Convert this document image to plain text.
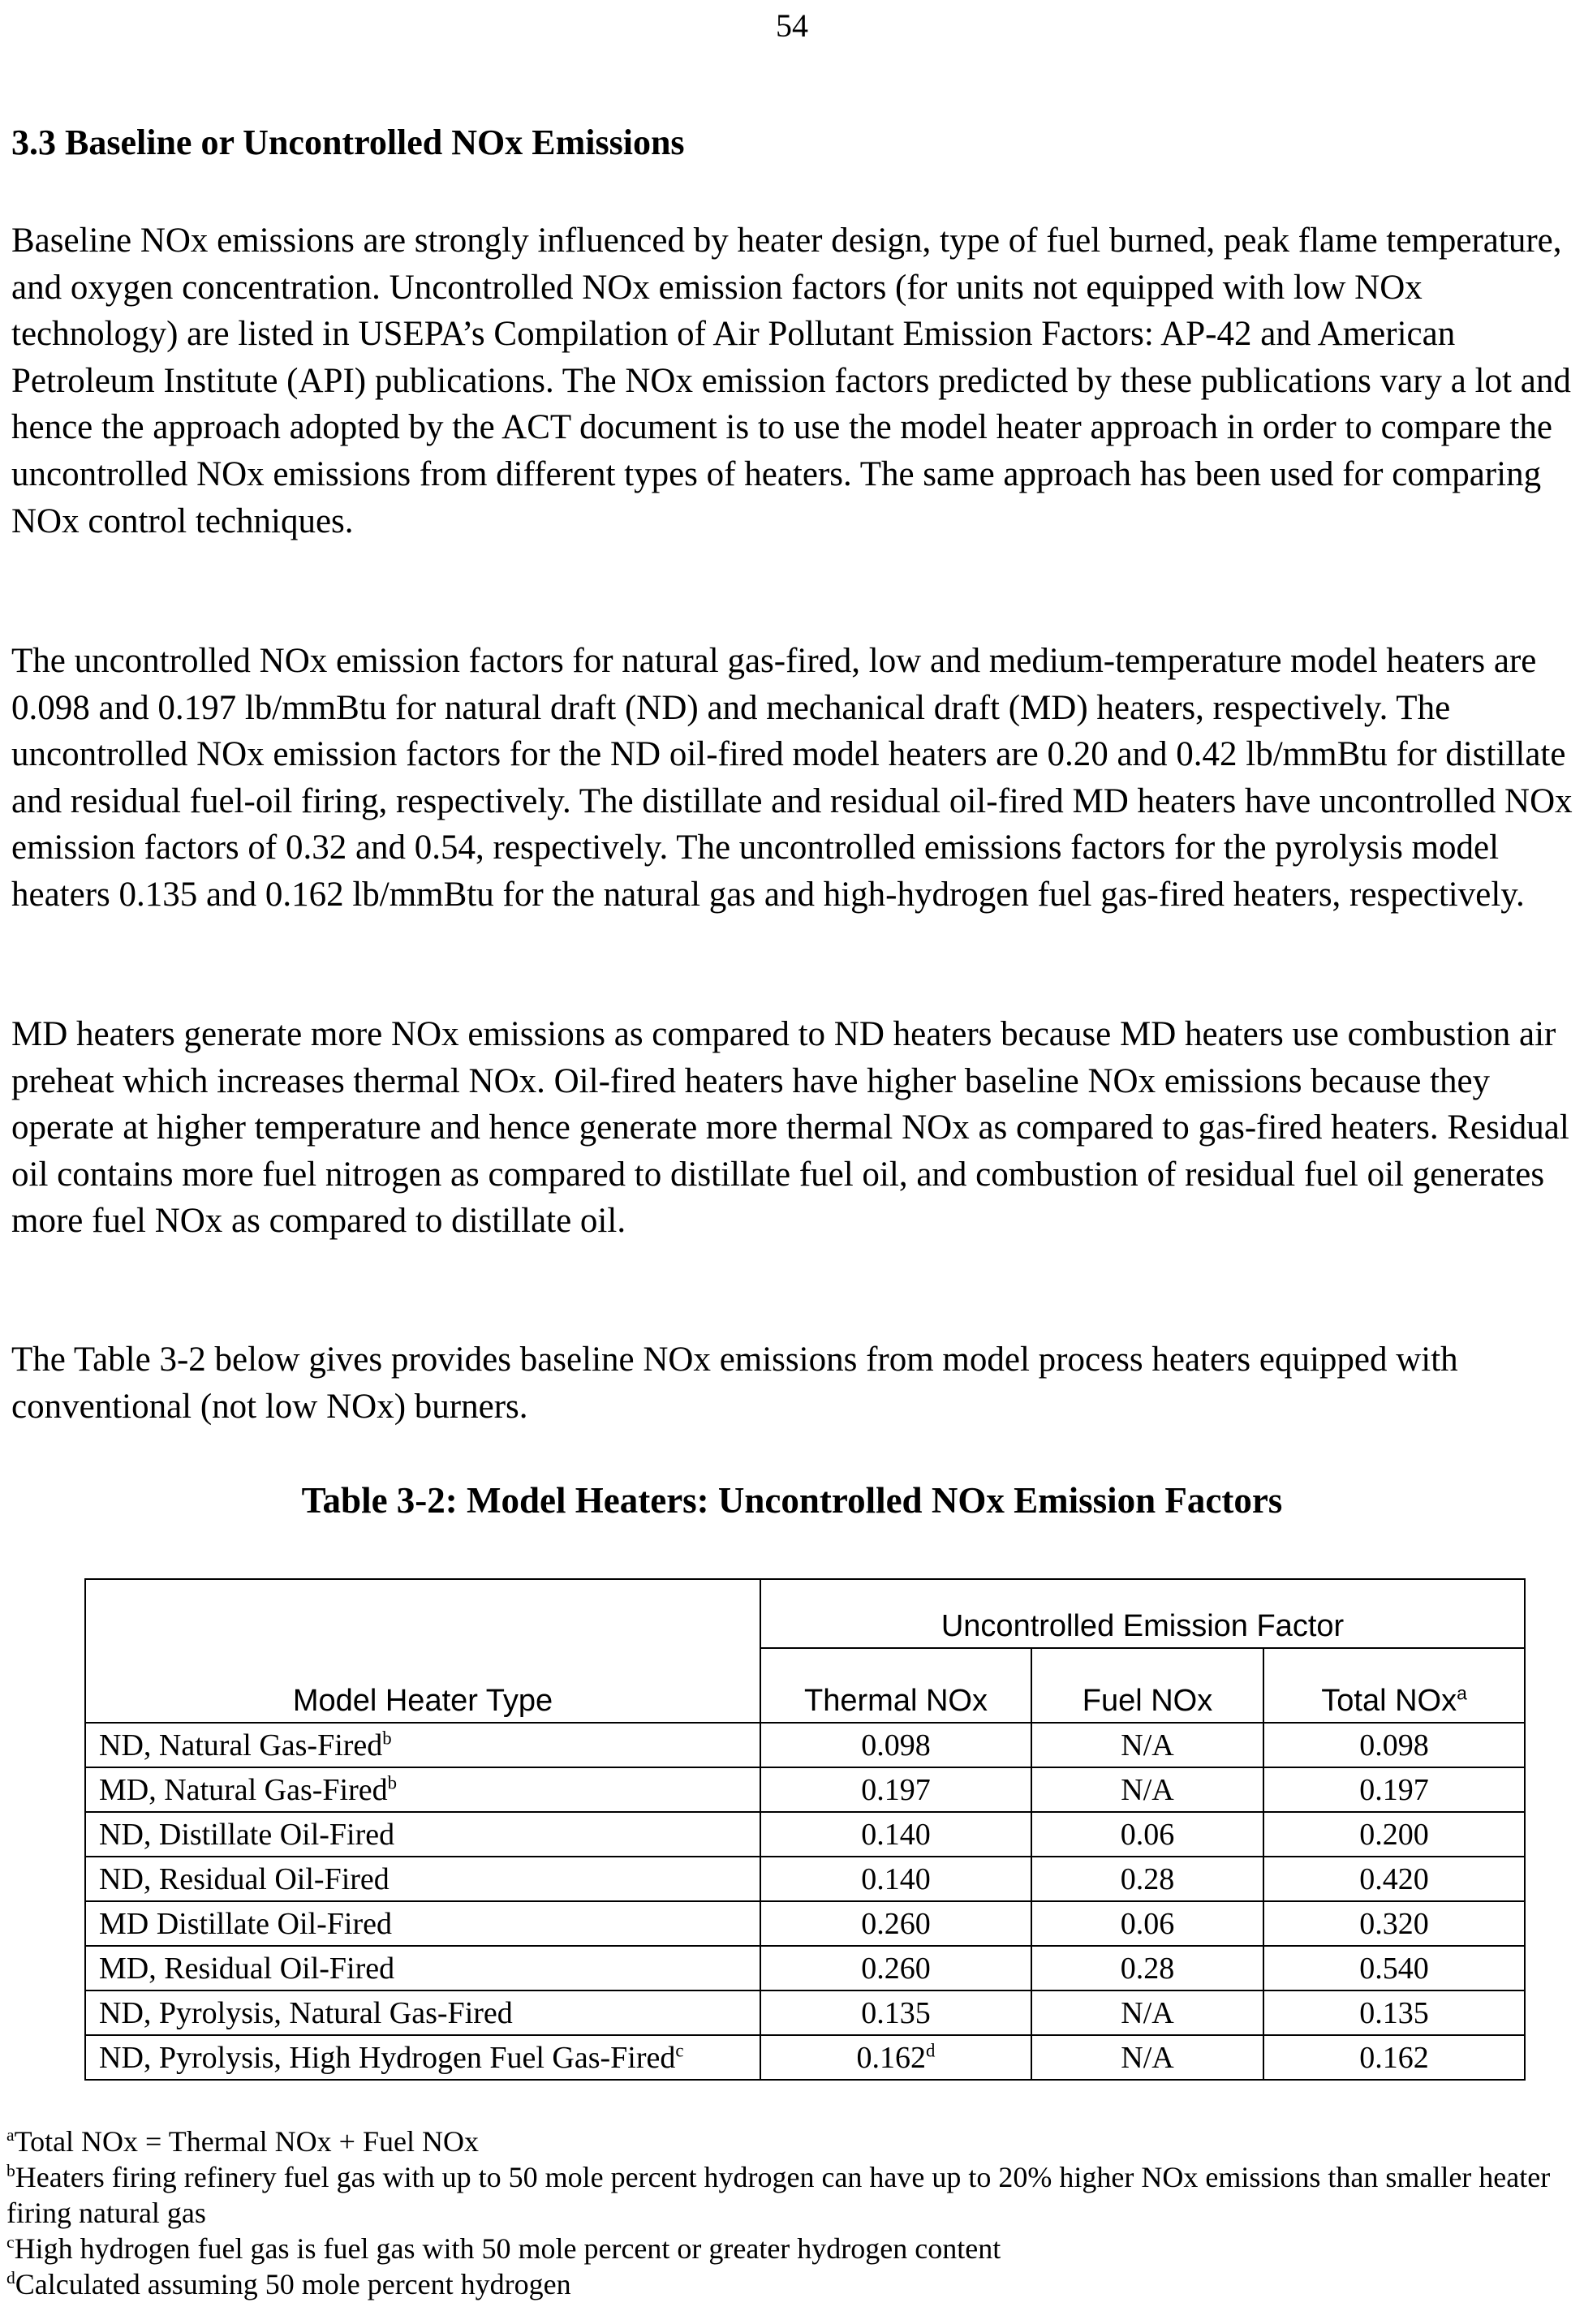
54
3.3 Baseline or Uncontrolled NOx Emissions
Baseline NOx emissions are strongly influenced by heater design, type of fuel burned, peak flame temperature, and oxygen concentration. Uncontrolled NOx emission factors (for units not equipped with low NOx technology) are listed in USEPA’s Compilation of Air Pollutant Emission Factors: AP-42 and American Petroleum Institute (API) publications. The NOx emission factors predicted by these publications vary a lot and hence the approach adopted by the ACT document is to use the model heater approach in order to compare the uncontrolled NOx emissions from different types of heaters. The same approach has been used for comparing NOx control techniques.
The uncontrolled NOx emission factors for natural gas-fired, low and medium-temperature model heaters are 0.098 and 0.197 lb/mmBtu for natural draft (ND) and mechanical draft (MD) heaters, respectively. The uncontrolled NOx emission factors for the ND oil-fired model heaters are 0.20 and 0.42 lb/mmBtu for distillate and residual fuel-oil firing, respectively. The distillate and residual oil-fired MD heaters have uncontrolled NOx emission factors of 0.32 and 0.54, respectively. The uncontrolled emissions factors for the pyrolysis model heaters 0.135 and 0.162 lb/mmBtu for the natural gas and high-hydrogen fuel gas-fired heaters, respectively.
MD heaters generate more NOx emissions as compared to ND heaters because MD heaters use combustion air preheat which increases thermal NOx. Oil-fired heaters have higher baseline NOx emissions because they operate at higher temperature and hence generate more thermal NOx as compared to gas-fired heaters. Residual oil contains more fuel nitrogen as compared to distillate fuel oil, and combustion of residual fuel oil generates more fuel NOx as compared to distillate oil.
The Table 3-2 below gives provides baseline NOx emissions from model process heaters equipped with conventional (not low NOx) burners.
Table 3-2: Model Heaters: Uncontrolled NOx Emission Factors
Model Heater Type	Uncontrolled Emission Factor		
	Thermal NOx	Fuel NOx	Total NOx$^a$
ND, Natural Gas-Fired$^b$	0.098	N/A	0.098
MD, Natural Gas-Fired$^b$	0.197	N/A	0.197
ND, Distillate Oil-Fired	0.140	0.06	0.200
ND, Residual Oil-Fired	0.140	0.28	0.420
MD Distillate Oil-Fired	0.260	0.06	0.320
MD, Residual Oil-Fired	0.260	0.28	0.540
ND, Pyrolysis, Natural Gas-Fired	0.135	N/A	0.135
ND, Pyrolysis, High Hydrogen Fuel Gas-Fired$^c$	0.162$^d$	N/A	0.162
$^a$Total NOx = Thermal NOx + Fuel NOx
$^b$Heaters firing refinery fuel gas with up to 50 mole percent hydrogen can have up to 20% higher NOx emissions than smaller heater firing natural gas
$^c$High hydrogen fuel gas is fuel gas with 50 mole percent or greater hydrogen content
$^d$Calculated assuming 50 mole percent hydrogen
